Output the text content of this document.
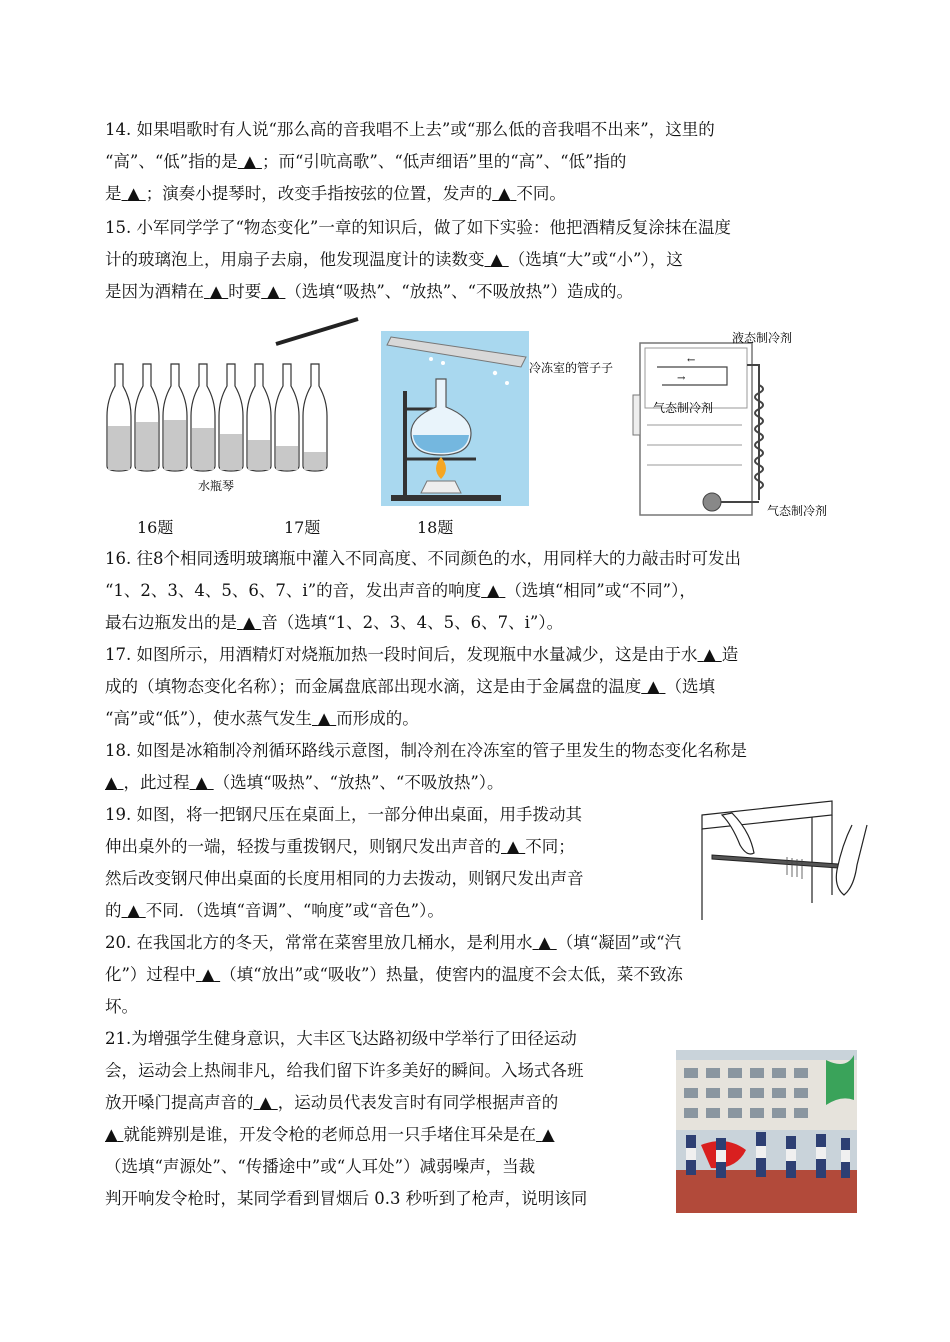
14. 如果唱歌时有人说“那么高的音我唱不上去”或“那么低的音我唱不出来”，这里的
“高”、“低”指的是 ▲ ；而“引吭高歌”、“低声细语”里的“高”、“低”指的
是 ▲ ；演奏小提琴时，改变手指按弦的位置，发声的 ▲ 不同。
15. 小军同学学了“物态变化”一章的知识后，做了如下实验：他把酒精反复涂抹在温度
计的玻璃泡上，用扇子去扇，他发现温度计的读数变 ▲ （选填“大”或“小”），这
是因为酒精在 ▲ 时要 ▲ （选填“吸热”、“放热”、“不吸放热”）造成的。
水瓶琴
←
→
液态制冷剂
冷冻室的管子子
气态制冷剂
气态制冷剂
16题	17题	18题
16. 往8个相同透明玻璃瓶中灌入不同高度、不同颜色的水，用同样大的力敲击时可发出
“1、2、3、4、5、6、7、i”的音，发出声音的响度 ▲ （选填“相同”或“不同”），
最右边瓶发出的是 ▲ 音（选填“1、2、3、4、5、6、7、i”）。
17. 如图所示，用酒精灯对烧瓶加热一段时间后，发现瓶中水量减少，这是由于水 ▲ 造
成的（填物态变化名称）；而金属盘底部出现水滴，这是由于金属盘的温度 ▲ （选填
“高”或“低”），使水蒸气发生 ▲ 而形成的。
18. 如图是冰箱制冷剂循环路线示意图，制冷剂在冷冻室的管子里发生的物态变化名称是
▲ ，此过程 ▲ （选填“吸热”、“放热”、“不吸放热”）。
19. 如图，将一把钢尺压在桌面上，一部分伸出桌面，用手拨动其
伸出桌外的一端，轻拨与重拨钢尺，则钢尺发出声音的 ▲ 不同；
然后改变钢尺伸出桌面的长度用相同的力去拨动，则钢尺发出声音
的 ▲ 不同．（选填“音调”、“响度”或“音色”）。
20. 在我国北方的冬天，常常在菜窖里放几桶水，是利用水 ▲ （填“凝固”或“汽
化”）过程中 ▲ （填“放出”或“吸收”）热量，使窖内的温度不会太低，菜不致冻
坏。
21.为增强学生健身意识，大丰区飞达路初级中学举行了田径运动
会，运动会上热闹非凡，给我们留下许多美好的瞬间。入场式各班
放开嗓门提高声音的 ▲ ，运动员代表发言时有同学根据声音的
▲ 就能辨别是谁，开发令枪的老师总用一只手堵住耳朵是在 ▲
（选填“声源处”、“传播途中”或“人耳处”）减弱噪声，当裁
判开响发令枪时，某同学看到冒烟后 0.3 秒听到了枪声，说明该同
